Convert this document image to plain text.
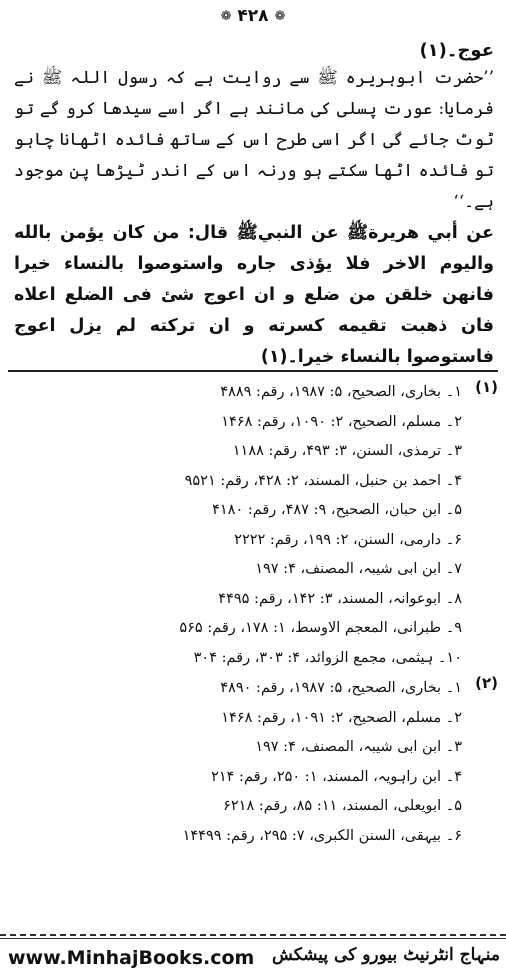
❁ ۴۲۸ ❁

عوج۔(۱)

’’حضرت ابوہریرہ ﷺ سے روایت ہے کہ رسول اللہ ﷺ نے فرمایا: عورت پسلی کی مانند ہے اگر اسے سیدھا کرو گے تو ٹوٹ جائے گی اگر اسی طرح اس کے ساتھ فائدہ اٹھانا چاہو تو فائدہ اٹھا سکتے ہو ورنہ اس کے اندر ٹیڑھا پن موجود ہے۔‘‘

عن أبي هريرةﷺ عن النبيﷺ قال: من كان يؤمن بالله واليوم الاخر فلا يؤذى جاره واستوصوا بالنساء خيرا فانهن خلقن من ضلع و ان اعوج شئ فى الضلع اعلاه فان ذهبت تقيمه كسرته و ان تركته لم يزل اعوج فاستوصوا بالنساء خيرا۔(۱)

(۱)
۱۔ بخاری، الصحیح، ۵: ۱۹۸۷، رقم: ۴۸۸۹
۲۔ مسلم، الصحیح، ۲: ۱۰۹۰، رقم: ۱۴۶۸
۳۔ ترمذی، السنن، ۳: ۴۹۳، رقم: ۱۱۸۸
۴۔ احمد بن حنبل، المسند، ۲: ۴۲۸، رقم: ۹۵۲۱
۵۔ ابن حبان، الصحیح، ۹: ۴۸۷، رقم: ۴۱۸۰
۶۔ دارمی، السنن، ۲: ۱۹۹، رقم: ۲۲۲۲
۷۔ ابن ابی شیبہ، المصنف، ۴: ۱۹۷
۸۔ ابوعوانہ، المسند، ۳: ۱۴۲، رقم: ۴۴۹۵
۹۔ طبرانی، المعجم الاوسط، ۱: ۱۷۸، رقم: ۵۶۵
۱۰۔ ہیثمی، مجمع الزوائد، ۴: ۳۰۳، رقم: ۳۰۴
(۲)
۱۔ بخاری، الصحیح، ۵: ۱۹۸۷، رقم: ۴۸۹۰
۲۔ مسلم، الصحیح، ۲: ۱۰۹۱، رقم: ۱۴۶۸
۳۔ ابن ابی شیبہ، المصنف، ۴: ۱۹۷
۴۔ ابن راہویہ، المسند، ۱: ۲۵۰، رقم: ۲۱۴
۵۔ ابویعلی، المسند، ۱۱: ۸۵، رقم: ۶۲۱۸
۶۔ بیہقی، السنن الکبری، ۷: ۲۹۵، رقم: ۱۴۴۹۹
www.MinhajBooks.com منہاج انٹرنیٹ بیورو کی پیشکش
